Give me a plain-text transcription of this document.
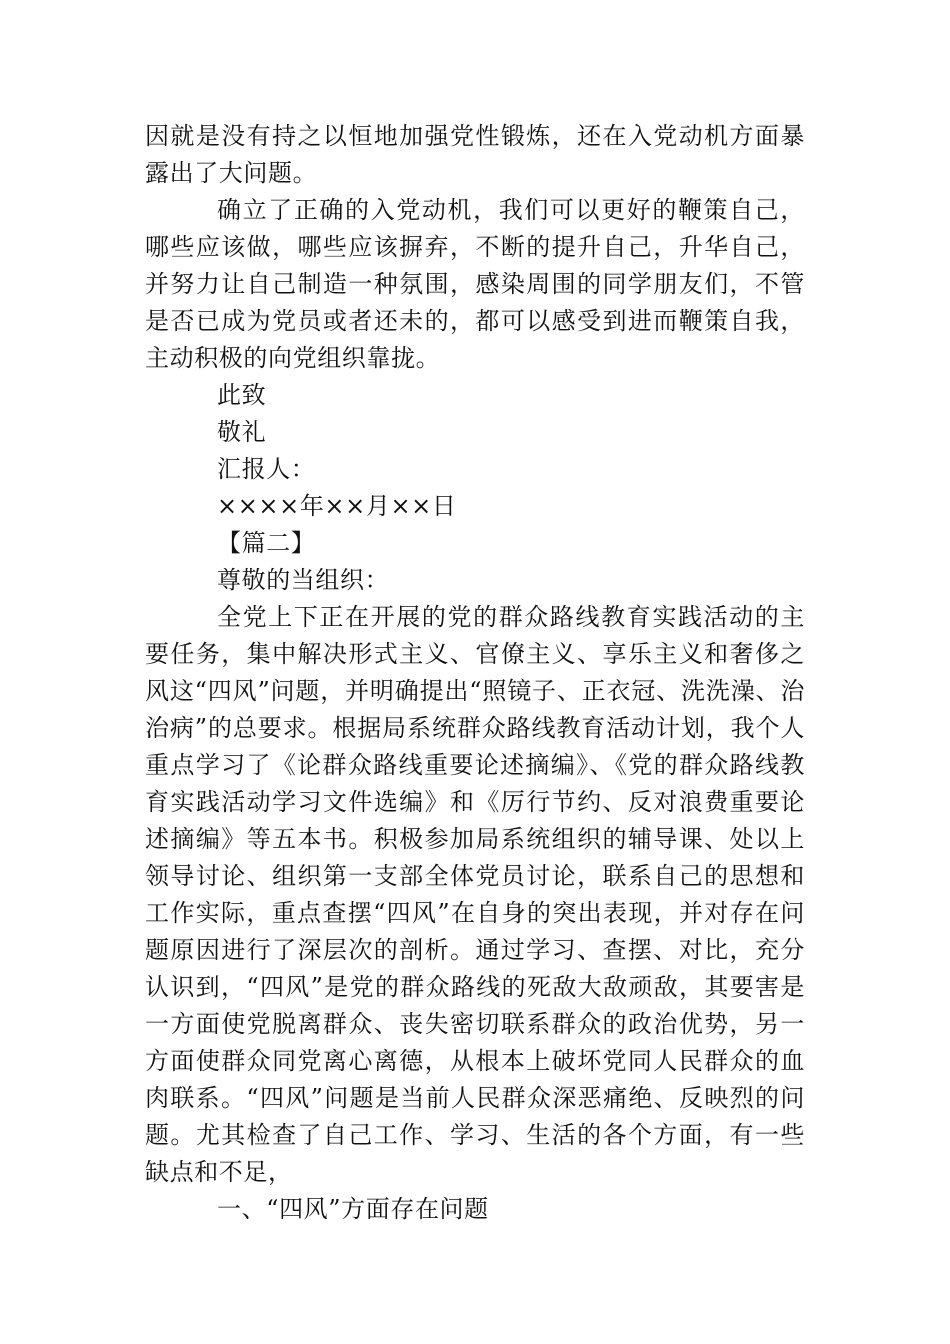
因就是没有持之以恒地加强党性锻炼，还在入党动机方面暴露出了大问题。

确立了正确的入党动机，我们可以更好的鞭策自己，哪些应该做，哪些应该摒弃，不断的提升自己，升华自己，并努力让自己制造一种氛围，感染周围的同学朋友们，不管是否已成为党员或者还未的，都可以感受到进而鞭策自我，主动积极的向党组织靠拢。

此致
敬礼
汇报人：
××××年××月××日
【篇二】
尊敬的当组织：

全党上下正在开展的党的群众路线教育实践活动的主要任务，集中解决形式主义、官僚主义、享乐主义和奢侈之风这“四风”问题，并明确提出“照镜子、正衣冠、洗洗澡、治治病”的总要求。根据局系统群众路线教育活动计划，我个人重点学习了《论群众路线重要论述摘编》、《党的群众路线教育实践活动学习文件选编》和《厉行节约、反对浪费重要论述摘编》等五本书。积极参加局系统组织的辅导课、处以上领导讨论、组织第一支部全体党员讨论，联系自己的思想和工作实际，重点查摆“四风”在自身的突出表现，并对存在问题原因进行了深层次的剖析。通过学习、查摆、对比，充分认识到，“四风”是党的群众路线的死敌大敌顽敌，其要害是一方面使党脱离群众、丧失密切联系群众的政治优势，另一方面使群众同党离心离德，从根本上破坏党同人民群众的血肉联系。“四风”问题是当前人民群众深恶痛绝、反映烈的问题。尤其检查了自己工作、学习、生活的各个方面，有一些缺点和不足，

一、“四风”方面存在问题
